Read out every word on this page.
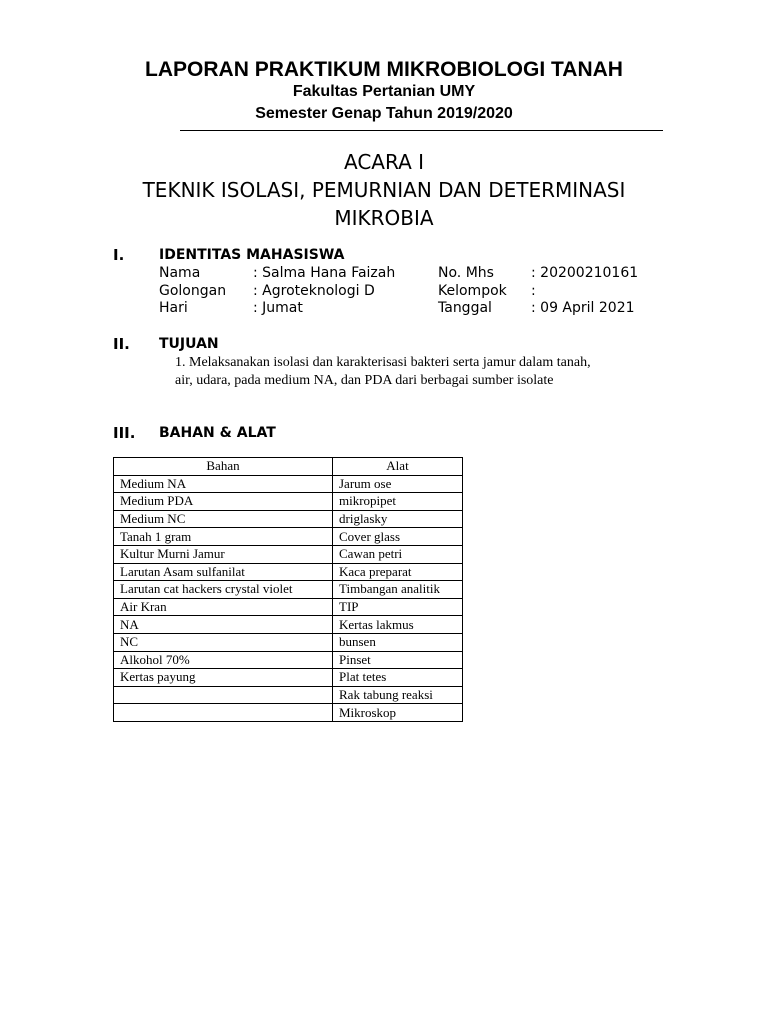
LAPORAN PRAKTIKUM MIKROBIOLOGI TANAH
Fakultas Pertanian UMY
Semester Genap Tahun 2019/2020
ACARA I
TEKNIK ISOLASI, PEMURNIAN DAN DETERMINASI
MIKROBIA
I. IDENTITAS MAHASISWA
Nama	: Salma Hana Faizah	No. Mhs	: 20200210161
Golongan : Agroteknologi D	Kelompok :
Hari	: Jumat	Tanggal	: 09 April 2021
II. TUJUAN
1. Melaksanakan isolasi dan karakterisasi bakteri serta jamur dalam tanah,
air, udara, pada medium NA, dan PDA dari berbagai sumber isolate
III. BAHAN & ALAT
Bahan	Alat
Medium NA	Jarum ose
Medium PDA	mikropipet
Medium NC	driglasky
Tanah 1 gram	Cover glass
Kultur Murni Jamur	Cawan petri
Larutan Asam sulfanilat	Kaca preparat
Larutan cat hackers crystal violet	Timbangan analitik
Air Kran	TIP
NA	Kertas lakmus
NC	bunsen
Alkohol 70%	Pinset
Kertas payung	Plat tetes
	Rak tabung reaksi
	Mikroskop
